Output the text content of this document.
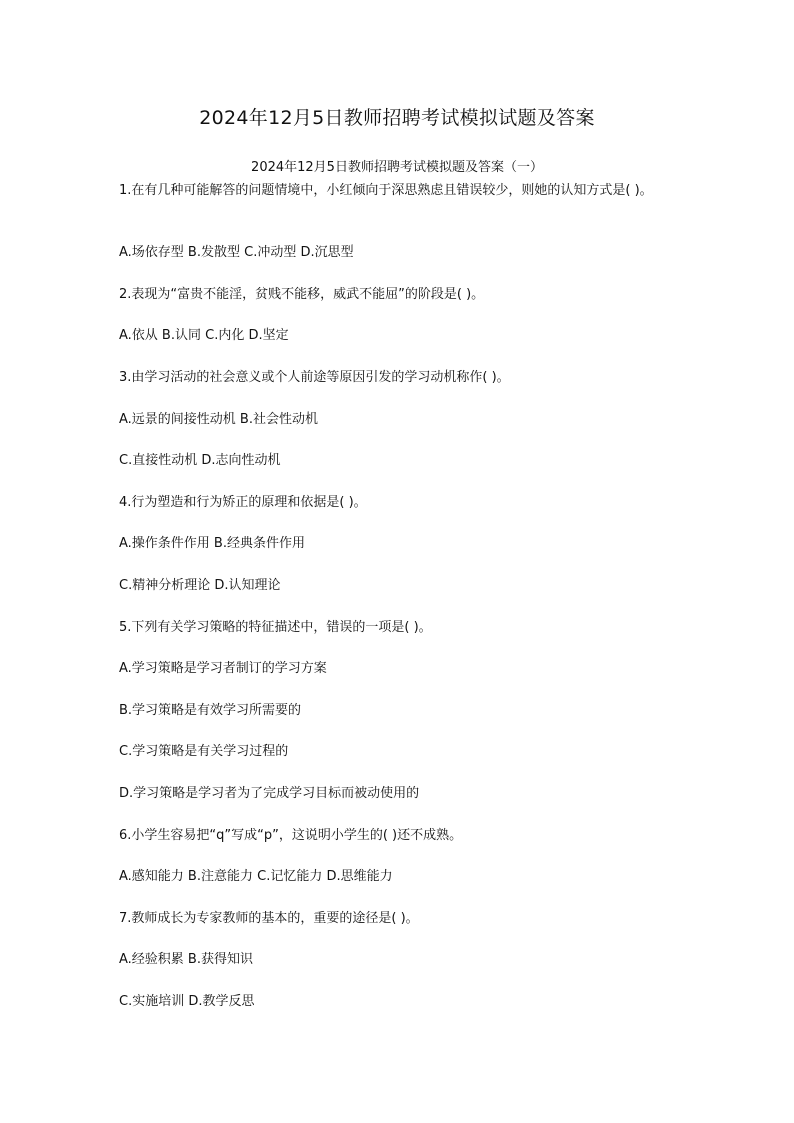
2024年12月5日教师招聘考试模拟试题及答案
2024年12月5日教师招聘考试模拟题及答案（一）
1.在有几种可能解答的问题情境中，小红倾向于深思熟虑且错误较少，则她的认知方式是( )。
A.场依存型 B.发散型 C.冲动型 D.沉思型
2.表现为“富贵不能淫，贫贱不能移，威武不能屈”的阶段是( )。
A.依从 B.认同 C.内化 D.坚定
3.由学习活动的社会意义或个人前途等原因引发的学习动机称作( )。
A.远景的间接性动机 B.社会性动机
C.直接性动机 D.志向性动机
4.行为塑造和行为矫正的原理和依据是( )。
A.操作条件作用 B.经典条件作用
C.精神分析理论 D.认知理论
5.下列有关学习策略的特征描述中，错误的一项是( )。
A.学习策略是学习者制订的学习方案
B.学习策略是有效学习所需要的
C.学习策略是有关学习过程的
D.学习策略是学习者为了完成学习目标而被动使用的
6.小学生容易把“q”写成“p”，这说明小学生的( )还不成熟。
A.感知能力 B.注意能力 C.记忆能力 D.思维能力
7.教师成长为专家教师的基本的，重要的途径是( )。
A.经验积累 B.获得知识
C.实施培训 D.教学反思
